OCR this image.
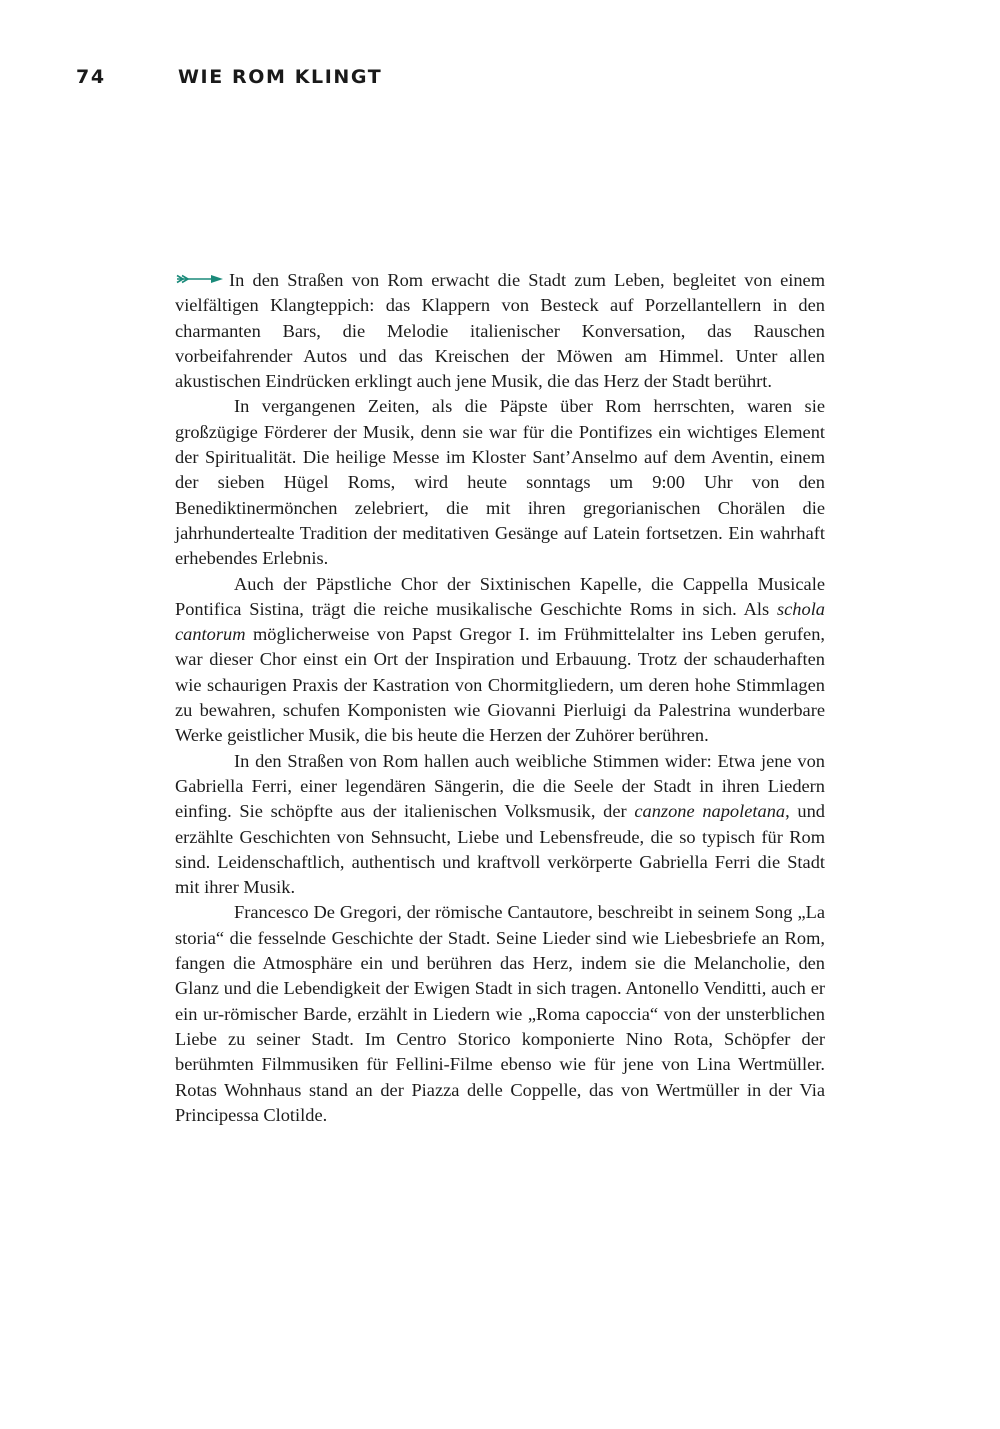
74	WIE ROM KLINGT

In den Straßen von Rom erwacht die Stadt zum Leben, begleitet von einem vielfältigen Klangteppich: das Klappern von Besteck auf Porzellantellern in den charmanten Bars, die Melodie italienischer Konversation, das Rauschen vorbeifahrender Autos und das Kreischen der Möwen am Himmel. Unter allen akustischen Eindrücken erklingt auch jene Musik, die das Herz der Stadt berührt.

In vergangenen Zeiten, als die Päpste über Rom herrschten, waren sie großzügige Förderer der Musik, denn sie war für die Pontifizes ein wichtiges Element der Spiritualität. Die heilige Messe im Kloster Sant’Anselmo auf dem Aventin, einem der sieben Hügel Roms, wird heute sonntags um 9:00 Uhr von den Benediktinermönchen zelebriert, die mit ihren gregorianischen Chorälen die jahrhundertealte Tradition der meditativen Gesänge auf Latein fortsetzen. Ein wahrhaft erhebendes Erlebnis.

Auch der Päpstliche Chor der Sixtinischen Kapelle, die Cappella Musicale Pontifica Sistina, trägt die reiche musikalische Geschichte Roms in sich. Als schola cantorum möglicherweise von Papst Gregor I. im Frühmittelalter ins Leben gerufen, war dieser Chor einst ein Ort der Inspiration und Erbauung. Trotz der schauderhaften wie schaurigen Praxis der Kastration von Chormitgliedern, um deren hohe Stimmlagen zu bewahren, schufen Komponisten wie Giovanni Pierluigi da Palestrina wunderbare Werke geistlicher Musik, die bis heute die Herzen der Zuhörer berühren.

In den Straßen von Rom hallen auch weibliche Stimmen wider: Etwa jene von Gabriella Ferri, einer legendären Sängerin, die die Seele der Stadt in ihren Liedern einfing. Sie schöpfte aus der italienischen Volksmusik, der canzone napoletana, und erzählte Geschichten von Sehnsucht, Liebe und Lebensfreude, die so typisch für Rom sind. Leidenschaftlich, authentisch und kraftvoll verkörperte Gabriella Ferri die Stadt mit ihrer Musik.

Francesco De Gregori, der römische Cantautore, beschreibt in seinem Song „La storia“ die fesselnde Geschichte der Stadt. Seine Lieder sind wie Liebesbriefe an Rom, fangen die Atmosphäre ein und berühren das Herz, indem sie die Melancholie, den Glanz und die Lebendigkeit der Ewigen Stadt in sich tragen. Antonello Venditti, auch er ein ur-römischer Barde, erzählt in Liedern wie „Roma capoccia“ von der unsterblichen Liebe zu seiner Stadt. Im Centro Storico komponierte Nino Rota, Schöpfer der berühmten Filmmusiken für Fellini-Filme ebenso wie für jene von Lina Wertmüller. Rotas Wohnhaus stand an der Piazza delle Coppelle, das von Wertmüller in der Via Principessa Clotilde.
